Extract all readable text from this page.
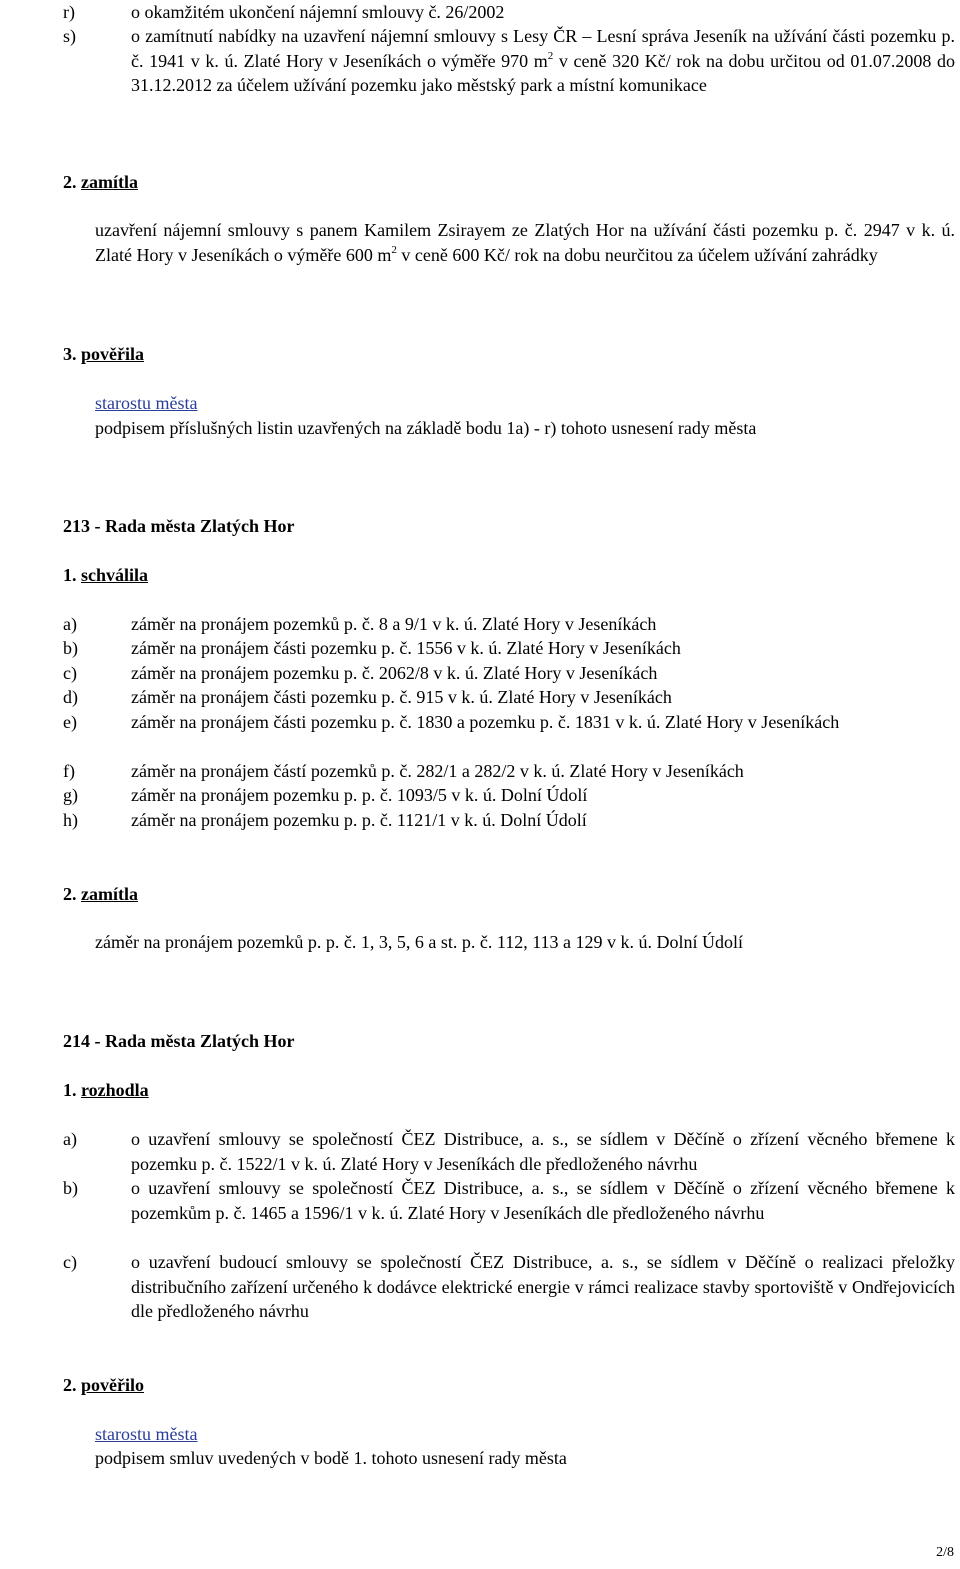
r)	o okamžitém ukončení nájemní smlouvy č. 26/2002
s)	o zamítnutí nabídky na uzavření nájemní smlouvy s Lesy ČR – Lesní správa Jeseník na užívání části pozemku p. č. 1941 v k. ú. Zlaté Hory v Jeseníkách o výměře 970 $m^2$ v ceně 320 Kč/ rok na dobu určitou od 01.07.2008 do 31.12.2012 za účelem užívání pozemku jako městský park a místní komunikace
2. zamítla
uzavření nájemní smlouvy s panem Kamilem Zsirayem ze Zlatých Hor na užívání části pozemku p. č. 2947 v k. ú. Zlaté Hory v Jeseníkách o výměře 600 $m^2$ v ceně 600 Kč/ rok na dobu neurčitou za účelem užívání zahrádky
3. pověřila
starostu města
podpisem příslušných listin uzavřených na základě bodu 1a) - r) tohoto usnesení rady města
213 - Rada města Zlatých Hor
1. schválila
a)	záměr na pronájem pozemků p. č. 8 a 9/1 v k. ú. Zlaté Hory v Jeseníkách
b)	záměr na pronájem části pozemku p. č. 1556 v k. ú. Zlaté Hory v Jeseníkách
c)	záměr na pronájem pozemku p. č. 2062/8 v k. ú. Zlaté Hory v Jeseníkách
d)	záměr na pronájem části pozemku p. č. 915 v k. ú. Zlaté Hory v Jeseníkách
e)	záměr na pronájem části pozemku p. č. 1830 a pozemku p. č. 1831 v k. ú. Zlaté Hory v Jeseníkách
f)	záměr na pronájem částí pozemků p. č. 282/1 a 282/2 v k. ú. Zlaté Hory v Jeseníkách
g)	záměr na pronájem pozemku p. p. č. 1093/5 v k. ú. Dolní Údolí
h)	záměr na pronájem pozemku p. p. č. 1121/1 v k. ú. Dolní Údolí
2. zamítla
záměr na pronájem pozemků p. p. č. 1, 3, 5, 6 a st. p. č. 112, 113 a 129 v k. ú. Dolní Údolí
214 - Rada města Zlatých Hor
1. rozhodla
a)	o uzavření smlouvy se společností ČEZ Distribuce, a. s., se sídlem v Děčíně o zřízení věcného břemene k pozemku p. č. 1522/1 v k. ú. Zlaté Hory v Jeseníkách dle předloženého návrhu
b)	o uzavření smlouvy se společností ČEZ Distribuce, a. s., se sídlem v Děčíně o zřízení věcného břemene k pozemkům p. č. 1465 a 1596/1 v k. ú. Zlaté Hory v Jeseníkách dle předloženého návrhu
c)	o uzavření budoucí smlouvy se společností ČEZ Distribuce, a. s., se sídlem v Děčíně o realizaci přeložky distribučního zařízení určeného k dodávce elektrické energie v rámci realizace stavby sportoviště v Ondřejovicích dle předloženého návrhu
2. pověřilo
starostu města
podpisem smluv uvedených v bodě 1. tohoto usnesení rady města
2/8
